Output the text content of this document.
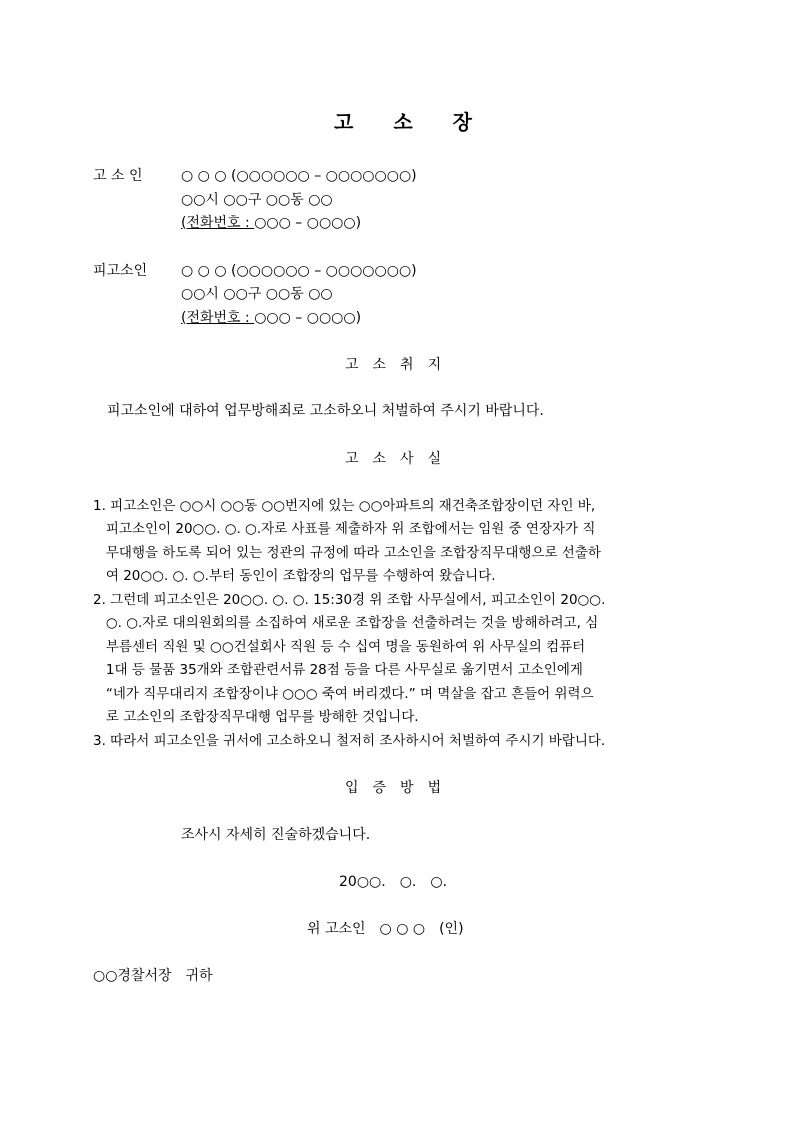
고　　소　　장
고 소 인	○ ○ ○ (○○○○○○ – ○○○○○○○)
○○시 ○○구 ○○동 ○○
(전화번호 : ○○○ – ○○○○)
피고소인 ○ ○ ○ (○○○○○○ – ○○○○○○○)
○○시 ○○구 ○○동 ○○
(전화번호 : ○○○ – ○○○○)
고　소　취　지
피고소인에 대하여 업무방해죄로 고소하오니 처벌하여 주시기 바랍니다.
고　소　사　실
1. 피고소인은 ○○시 ○○동 ○○번지에 있는 ○○아파트의 재건축조합장이던 자인 바,
피고소인이 20○○. ○. ○.자로 사표를 제출하자 위 조합에서는 임원 중 연장자가 직
무대행을 하도록 되어 있는 정관의 규정에 따라 고소인을 조합장직무대행으로 선출하
여 20○○. ○. ○.부터 동인이 조합장의 업무를 수행하여 왔습니다.
2. 그런데 피고소인은 20○○. ○. ○. 15:30경 위 조합 사무실에서, 피고소인이 20○○.
○. ○.자로 대의원회의를 소집하여 새로운 조합장을 선출하려는 것을 방해하려고, 심
부름센터 직원 및 ○○건설회사 직원 등 수 십여 명을 동원하여 위 사무실의 컴퓨터
1대 등 물품 35개와 조합관련서류 28점 등을 다른 사무실로 옮기면서 고소인에게
“네가 직무대리지 조합장이냐 ○○○ 죽여 버리겠다.” 며 멱살을 잡고 흔들어 위력으
로 고소인의 조합장직무대행 업무를 방해한 것입니다.
3. 따라서 피고소인을 귀서에 고소하오니 철저히 조사하시어 처벌하여 주시기 바랍니다.
입　증　방　법
조사시 자세히 진술하겠습니다.
20○○.　○.　○.
위 고소인　○ ○ ○　(인)
○○경찰서장　귀하
